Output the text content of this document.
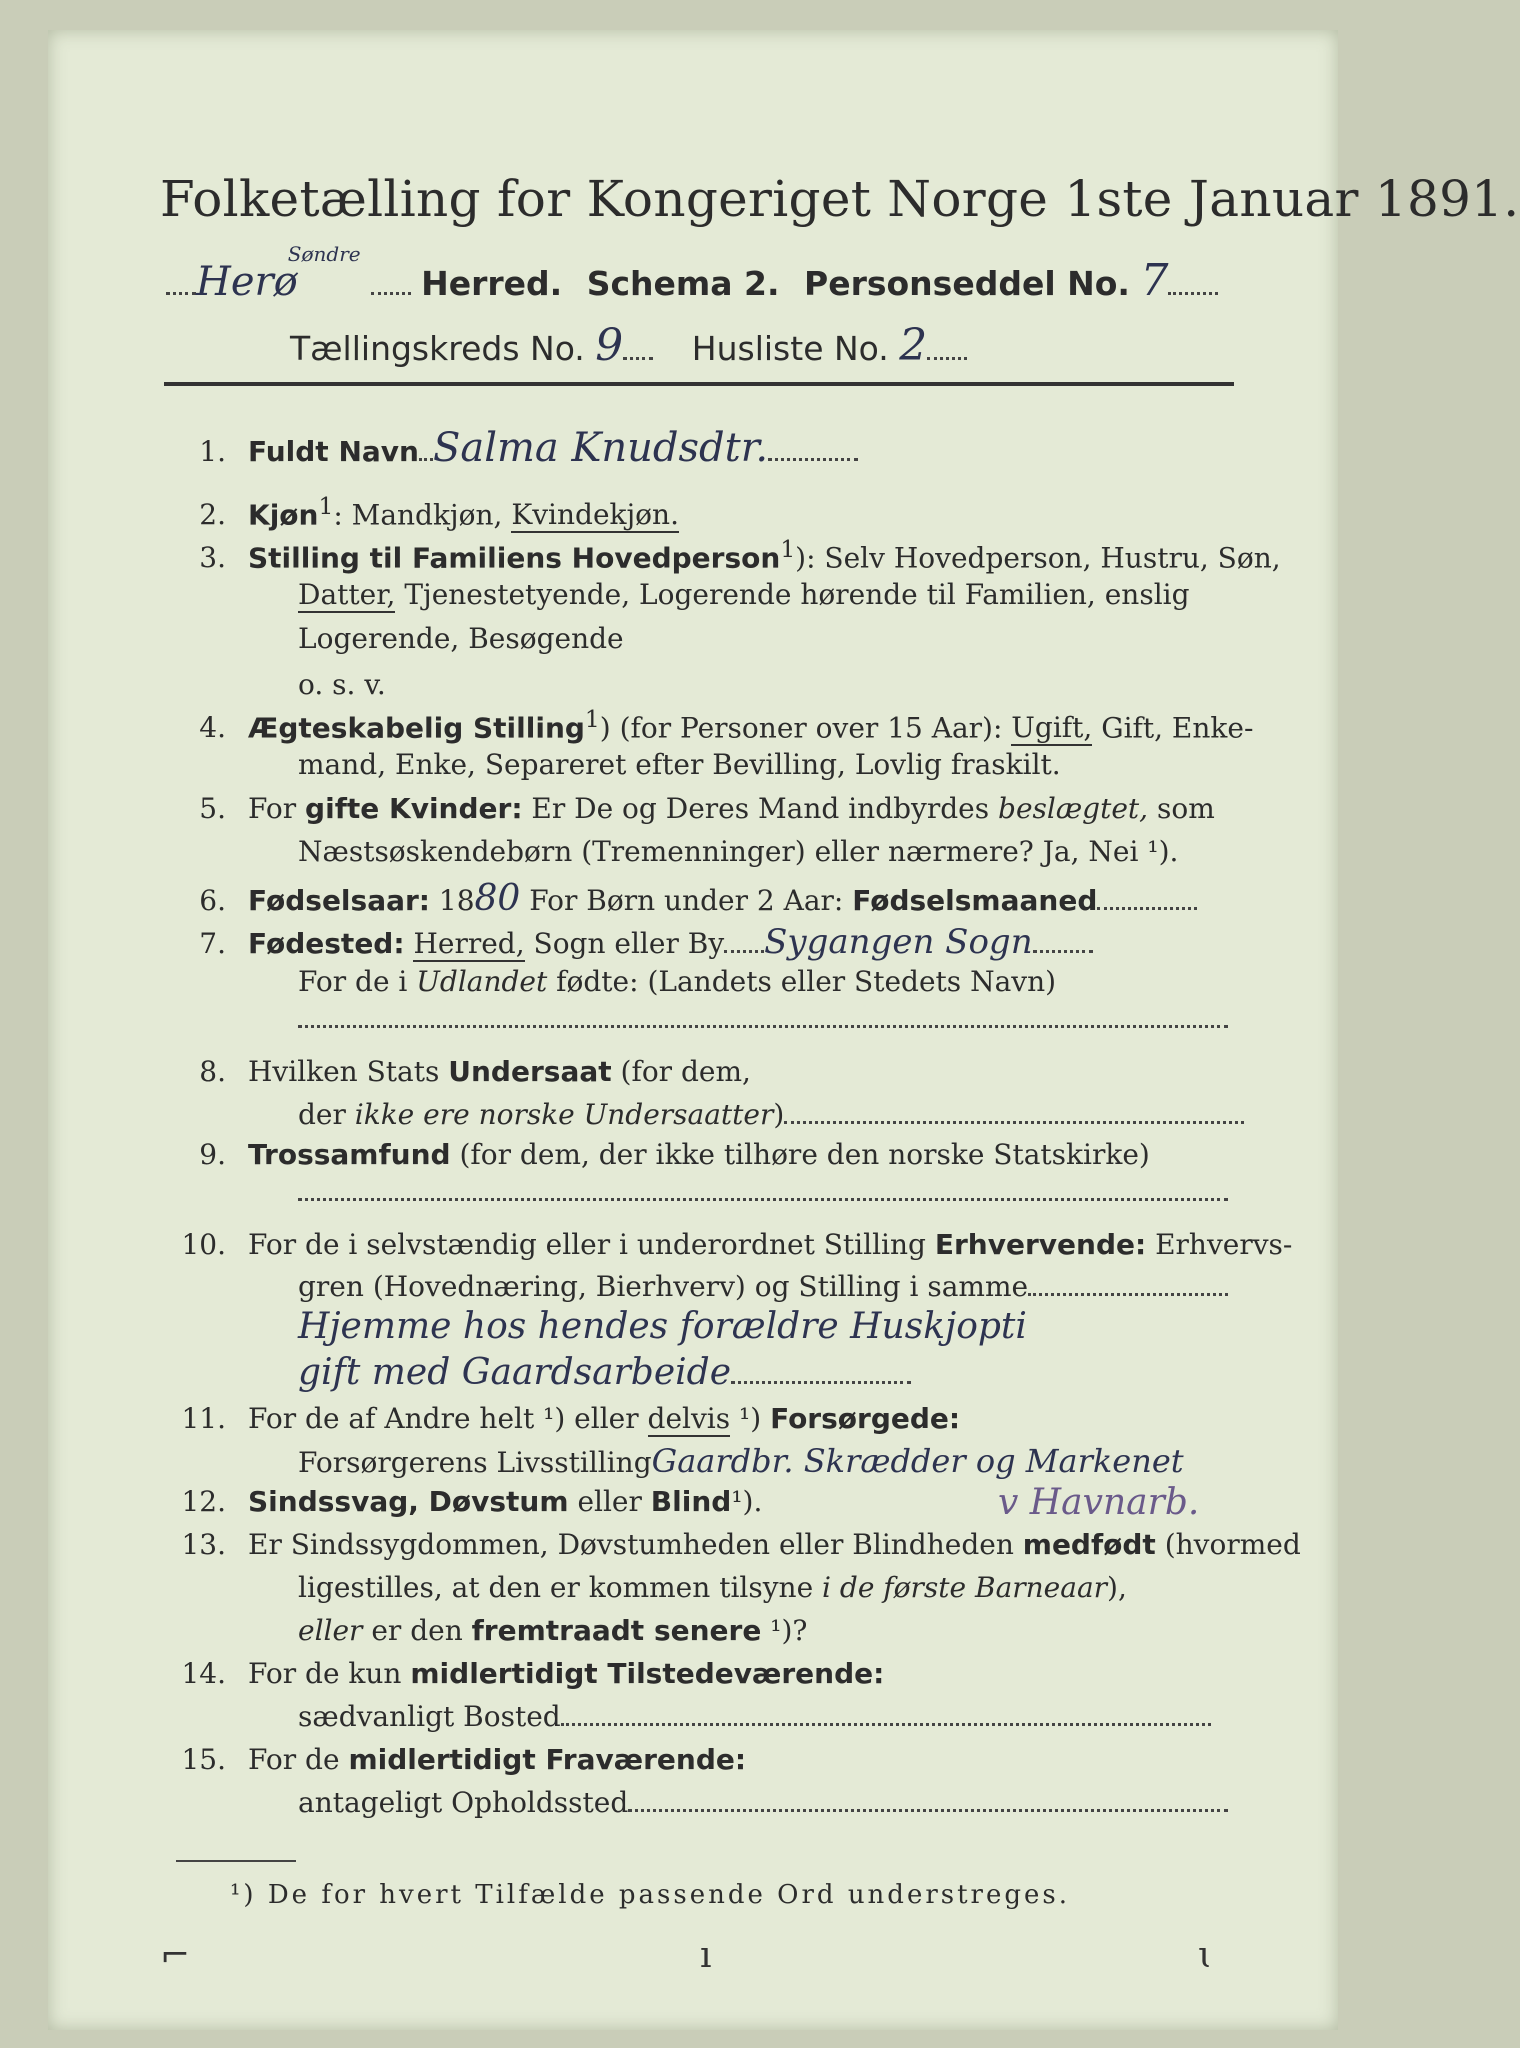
Folketælling for Kongeriget Norge 1ste Januar 1891.
Herø$^{Søndre}$ Herred. Schema 2. Personseddel No. 7
Tællingskreds No. 9 Husliste No. 2
1. Fuldt Navn Salma Knudsdtr.
2. Kjøn$^1$: Mandkjøn, Kvindekjøn.
3. Stilling til Familiens Hovedperson$^1$): Selv Hovedperson, Hustru, Søn,
Datter, Tjenestetyende, Logerende hørende til Familien, enslig
Logerende, Besøgende
o. s. v.
4. Ægteskabelig Stilling$^1$) (for Personer over 15 Aar): Ugift, Gift, Enke-
mand, Enke, Separeret efter Bevilling, Lovlig fraskilt.
5. For gifte Kvinder: Er De og Deres Mand indbyrdes beslægtet, som
Næstsøskendebørn (Tremenninger) eller nærmere? Ja, Nei ¹).
6. Fødselsaar: 1880 For Børn under 2 Aar: Fødselsmaaned
7. Fødested: Herred, Sogn eller By Sygangen Sogn
For de i Udlandet fødte: (Landets eller Stedets Navn)
8. Hvilken Stats Undersaat (for dem,
der ikke ere norske Undersaatter)
9. Trossamfund (for dem, der ikke tilhøre den norske Statskirke)
10. For de i selvstændig eller i underordnet Stilling Erhvervende: Erhvervs-
gren (Hovednæring, Bierhverv) og Stilling i samme
Hjemme hos hendes forældre Huskjopti
gift med Gaardsarbeide
11. For de af Andre helt ¹) eller delvis ¹) Forsørgede:
Forsørgerens LivsstillingGaardbr. Skrædder og Markenet
v Havnarb.
12. Sindssvag, Døvstum eller Blind¹).
13. Er Sindssygdommen, Døvstumheden eller Blindheden medfødt (hvormed
ligestilles, at den er kommen tilsyne i de første Barneaar),
eller er den fremtraadt senere ¹)?
14. For de kun midlertidigt Tilstedeværende:
sædvanligt Bosted
15. For de midlertidigt Fraværende:
antageligt Opholdssted
¹) De for hvert Tilfælde passende Ord understreges.
⌐	ı	ɩ
